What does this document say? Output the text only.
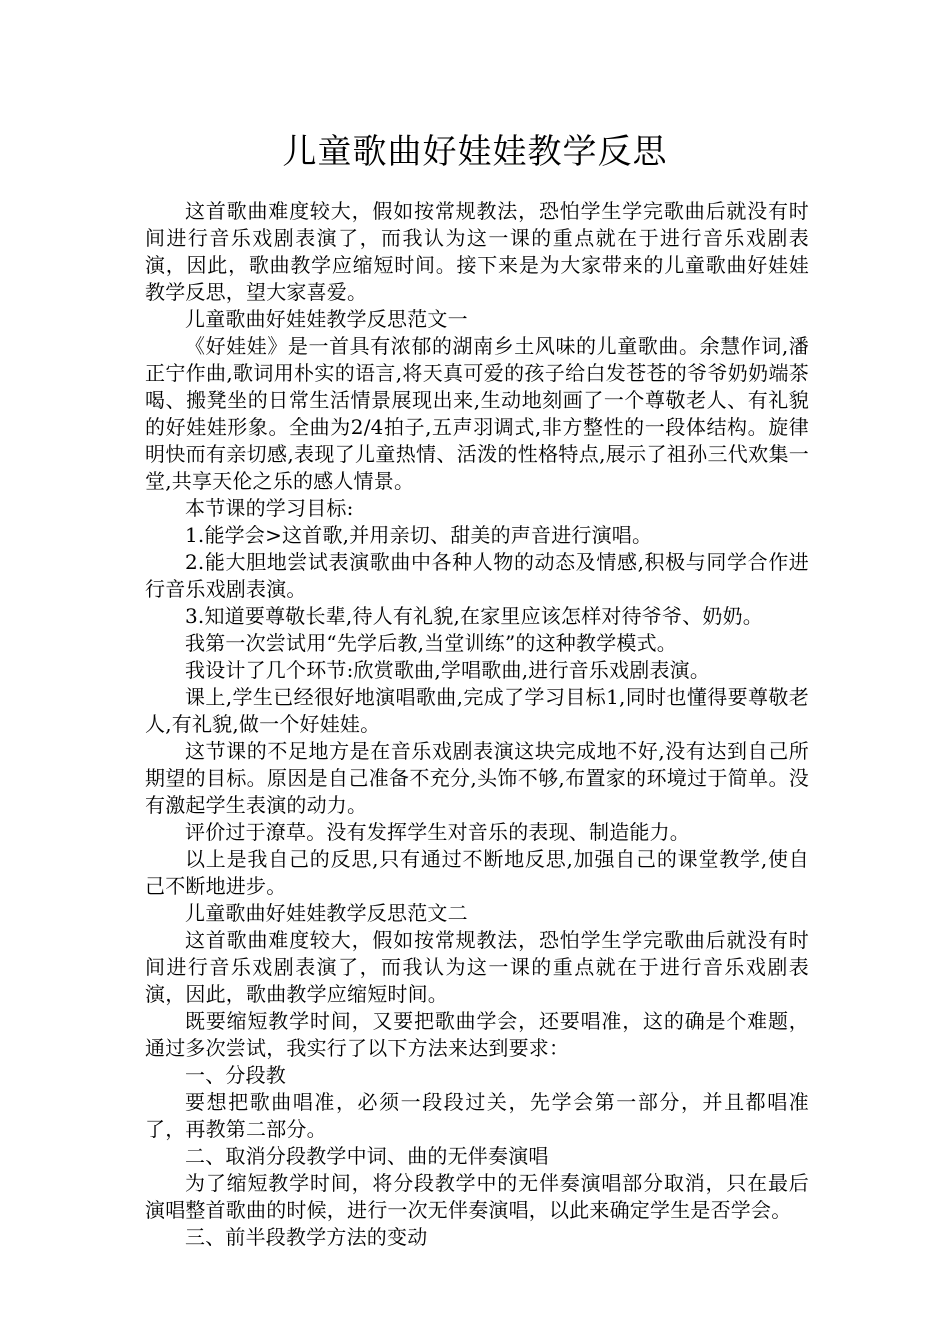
儿童歌曲好娃娃教学反思

这首歌曲难度较大，假如按常规教法，恐怕学生学完歌曲后就没有时间进行音乐戏剧表演了，而我认为这一课的重点就在于进行音乐戏剧表演，因此，歌曲教学应缩短时间。接下来是为大家带来的儿童歌曲好娃娃教学反思，望大家喜爱。

儿童歌曲好娃娃教学反思范文一

《好娃娃》是一首具有浓郁的湖南乡土风味的儿童歌曲。余慧作词,潘正宁作曲,歌词用朴实的语言,将天真可爱的孩子给白发苍苍的爷爷奶奶端茶喝、搬凳坐的日常生活情景展现出来,生动地刻画了一个尊敬老人、有礼貌的好娃娃形象。全曲为2/4拍子,五声羽调式,非方整性的一段体结构。旋律明快而有亲切感,表现了儿童热情、活泼的性格特点,展示了祖孙三代欢集一堂,共享天伦之乐的感人情景。

本节课的学习目标:

1.能学会>这首歌,并用亲切、甜美的声音进行演唱。

2.能大胆地尝试表演歌曲中各种人物的动态及情感,积极与同学合作进行音乐戏剧表演。

3.知道要尊敬长辈,待人有礼貌,在家里应该怎样对待爷爷、奶奶。

我第一次尝试用“先学后教,当堂训练”的这种教学模式。

我设计了几个环节:欣赏歌曲,学唱歌曲,进行音乐戏剧表演。

课上,学生已经很好地演唱歌曲,完成了学习目标1,同时也懂得要尊敬老人,有礼貌,做一个好娃娃。

这节课的不足地方是在音乐戏剧表演这块完成地不好,没有达到自己所期望的目标。原因是自己准备不充分,头饰不够,布置家的环境过于简单。没有激起学生表演的动力。

评价过于潦草。没有发挥学生对音乐的表现、制造能力。

以上是我自己的反思,只有通过不断地反思,加强自己的课堂教学,使自己不断地进步。

儿童歌曲好娃娃教学反思范文二

这首歌曲难度较大，假如按常规教法，恐怕学生学完歌曲后就没有时间进行音乐戏剧表演了，而我认为这一课的重点就在于进行音乐戏剧表演，因此，歌曲教学应缩短时间。

既要缩短教学时间，又要把歌曲学会，还要唱准，这的确是个难题，通过多次尝试，我实行了以下方法来达到要求：

一、分段教

要想把歌曲唱准，必须一段段过关，先学会第一部分，并且都唱准了，再教第二部分。

二、取消分段教学中词、曲的无伴奏演唱

为了缩短教学时间，将分段教学中的无伴奏演唱部分取消，只在最后演唱整首歌曲的时候，进行一次无伴奏演唱，以此来确定学生是否学会。

三、前半段教学方法的变动
